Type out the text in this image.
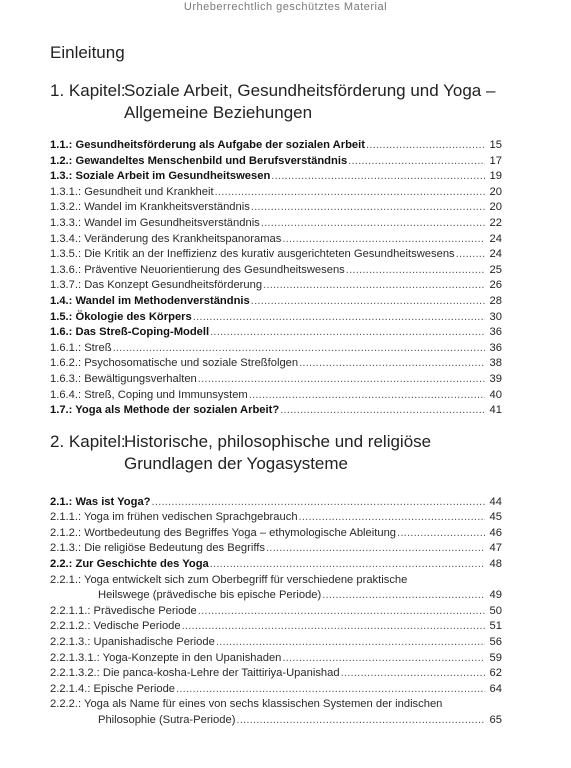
Urheberrechtlich geschütztes Material
Einleitung
1. Kapitel:
Soziale Arbeit, Gesundheitsförderung und Yoga –
Allgemeine Beziehungen
1.1.: Gesundheitsförderung als Aufgabe der sozialen Arbeit .....	15
1.2.: Gewandeltes Menschenbild und Berufsverständnis .....	17
1.3.: Soziale Arbeit im Gesundheitswesen .....	19
1.3.1.: Gesundheit und Krankheit .....	20
1.3.2.: Wandel im Krankheitsverständnis .....	20
1.3.3.: Wandel im Gesundheitsverständnis .....	22
1.3.4.: Veränderung des Krankheitspanoramas .....	24
1.3.5.: Die Kritik an der Ineffizienz des kurativ ausgerichteten Gesundheitswesens .....	24
1.3.6.: Präventive Neuorientierung des Gesundheitswesens .....	25
1.3.7.: Das Konzept Gesundheitsförderung .....	26
1.4.: Wandel im Methodenverständnis .....	28
1.5.: Ökologie des Körpers .....	30
1.6.: Das Streß-Coping-Modell .....	36
1.6.1.: Streß .....	36
1.6.2.: Psychosomatische und soziale Streßfolgen .....	38
1.6.3.: Bewältigungsverhalten .....	39
1.6.4.: Streß, Coping und Immunsystem .....	40
1.7.: Yoga als Methode der sozialen Arbeit? .....	41
2. Kapitel:
Historische, philosophische und religiöse
Grundlagen der Yogasysteme
2.1.: Was ist Yoga? .....	44
2.1.1.: Yoga im frühen vedischen Sprachgebrauch .....	45
2.1.2.: Wortbedeutung des Begriffes Yoga – ethymologische Ableitung .....	46
2.1.3.: Die religiöse Bedeutung des Begriffs .....	47
2.2.: Zur Geschichte des Yoga .....	48
2.2.1.: Yoga entwickelt sich zum Oberbegriff für verschiedene praktische
Heilswege (prävedische bis epische Periode) .....	49
2.2.1.1.: Prävedische Periode .....	50
2.2.1.2.: Vedische Periode .....	51
2.2.1.3.: Upanishadische Periode .....	56
2.2.1.3.1.: Yoga-Konzepte in den Upanishaden .....	59
2.2.1.3.2.: Die panca-kosha-Lehre der Taittiriya-Upanishad .....	62
2.2.1.4.: Epische Periode .....	64
2.2.2.: Yoga als Name für eines von sechs klassischen Systemen der indischen
Philosophie (Sutra-Periode) .....	65
